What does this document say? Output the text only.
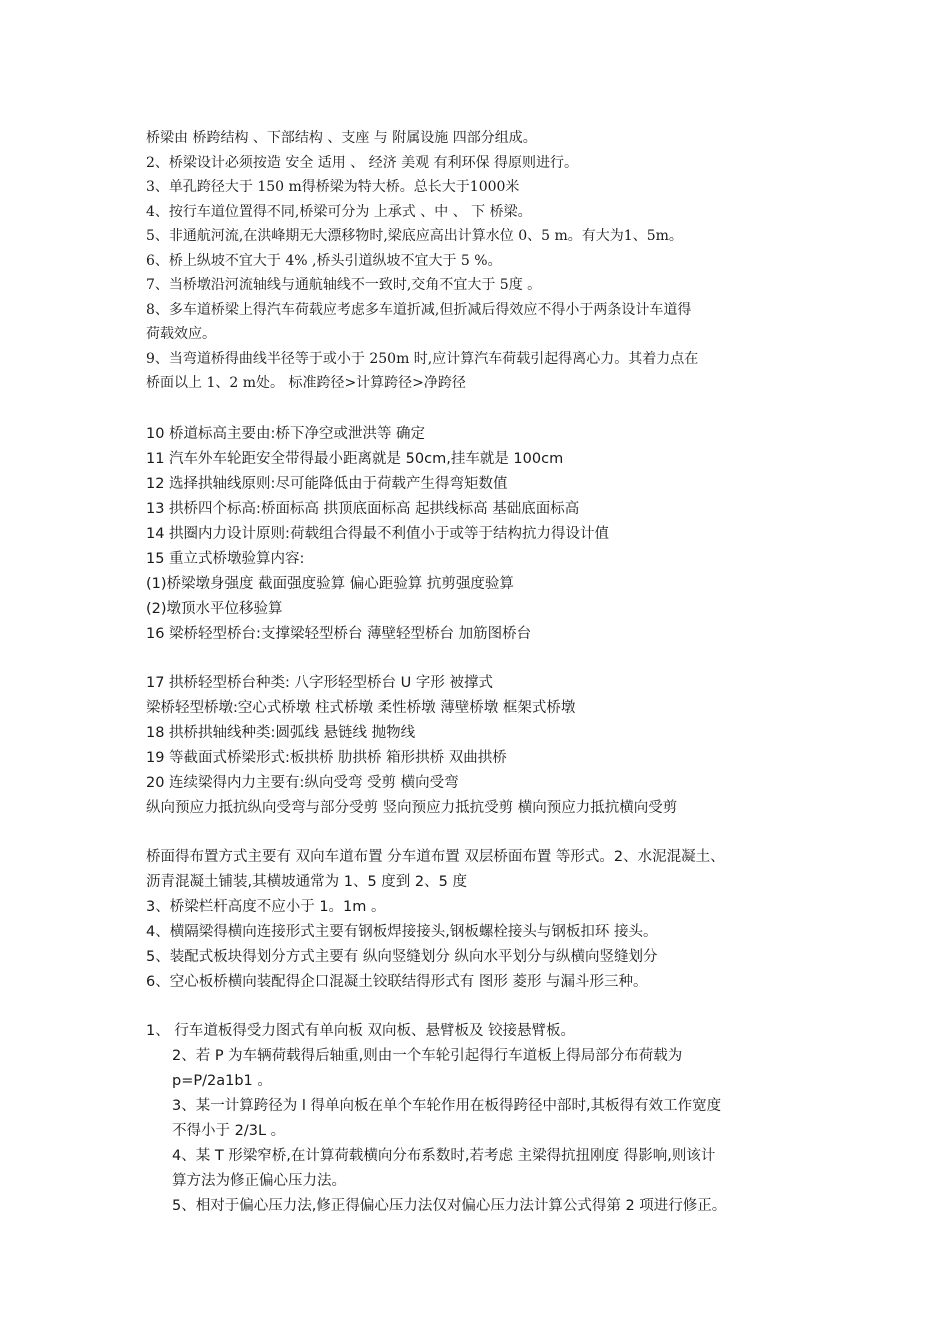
桥梁由 桥跨结构 、下部结构 、支座 与 附属设施 四部分组成。

2、桥梁设计必须按造 安全 适用 、 经济 美观 有利环保 得原则进行。

3、单孔跨径大于 150 m得桥梁为特大桥。总长大于1000米

4、按行车道位置得不同,桥梁可分为 上承式 、中 、 下 桥梁。

5、非通航河流,在洪峰期无大漂移物时,梁底应高出计算水位 0、5 m。有大为1、5m。

6、桥上纵坡不宜大于 4% ,桥头引道纵坡不宜大于 5 %。

7、当桥墩沿河流轴线与通航轴线不一致时,交角不宜大于 5度 。

8、多车道桥梁上得汽车荷载应考虑多车道折减,但折减后得效应不得小于两条设计车道得

荷载效应。

9、当弯道桥得曲线半径等于或小于 250m 时,应计算汽车荷载引起得离心力。其着力点在

桥面以上 1、2 m处。 标准跨径>计算跨径>净跨径

10 桥道标高主要由:桥下净空或泄洪等 确定

11 汽车外车轮距安全带得最小距离就是 50cm,挂车就是 100cm

12 选择拱轴线原则:尽可能降低由于荷载产生得弯矩数值

13 拱桥四个标高:桥面标高 拱顶底面标高 起拱线标高 基础底面标高

14 拱圈内力设计原则:荷载组合得最不利值小于或等于结构抗力得设计值

15 重立式桥墩验算内容:

(1)桥梁墩身强度 截面强度验算 偏心距验算 抗剪强度验算

(2)墩顶水平位移验算

16 梁桥轻型桥台:支撑梁轻型桥台 薄壁轻型桥台 加筋图桥台

17 拱桥轻型桥台种类: 八字形轻型桥台 U 字形 被撑式

梁桥轻型桥墩:空心式桥墩 柱式桥墩 柔性桥墩 薄壁桥墩 框架式桥墩

18 拱桥拱轴线种类:圆弧线 悬链线 抛物线

19 等截面式桥梁形式:板拱桥 肋拱桥 箱形拱桥 双曲拱桥

20 连续梁得内力主要有:纵向受弯 受剪 横向受弯

纵向预应力抵抗纵向受弯与部分受剪 竖向预应力抵抗受剪 横向预应力抵抗横向受剪

桥面得布置方式主要有 双向车道布置 分车道布置 双层桥面布置 等形式。2、水泥混凝土、

沥青混凝土铺装,其横坡通常为 1、5 度到 2、5 度

3、桥梁栏杆高度不应小于 1。1m 。

4、横隔梁得横向连接形式主要有钢板焊接接头,钢板螺栓接头与钢板扣环 接头。

5、装配式板块得划分方式主要有 纵向竖缝划分 纵向水平划分与纵横向竖缝划分

6、空心板桥横向装配得企口混凝土铰联结得形式有 图形 菱形 与漏斗形三种。

1、 行车道板得受力图式有单向板 双向板、悬臂板及 铰接悬臂板。

2、若 P 为车辆荷载得后轴重,则由一个车轮引起得行车道板上得局部分布荷载为

p=P/2a1b1 。

3、某一计算跨径为 l 得单向板在单个车轮作用在板得跨径中部时,其板得有效工作宽度

不得小于 2/3L 。

4、某 T 形梁窄桥,在计算荷载横向分布系数时,若考虑 主梁得抗扭刚度 得影响,则该计

算方法为修正偏心压力法。

5、相对于偏心压力法,修正得偏心压力法仅对偏心压力法计算公式得第 2 项进行修正。
